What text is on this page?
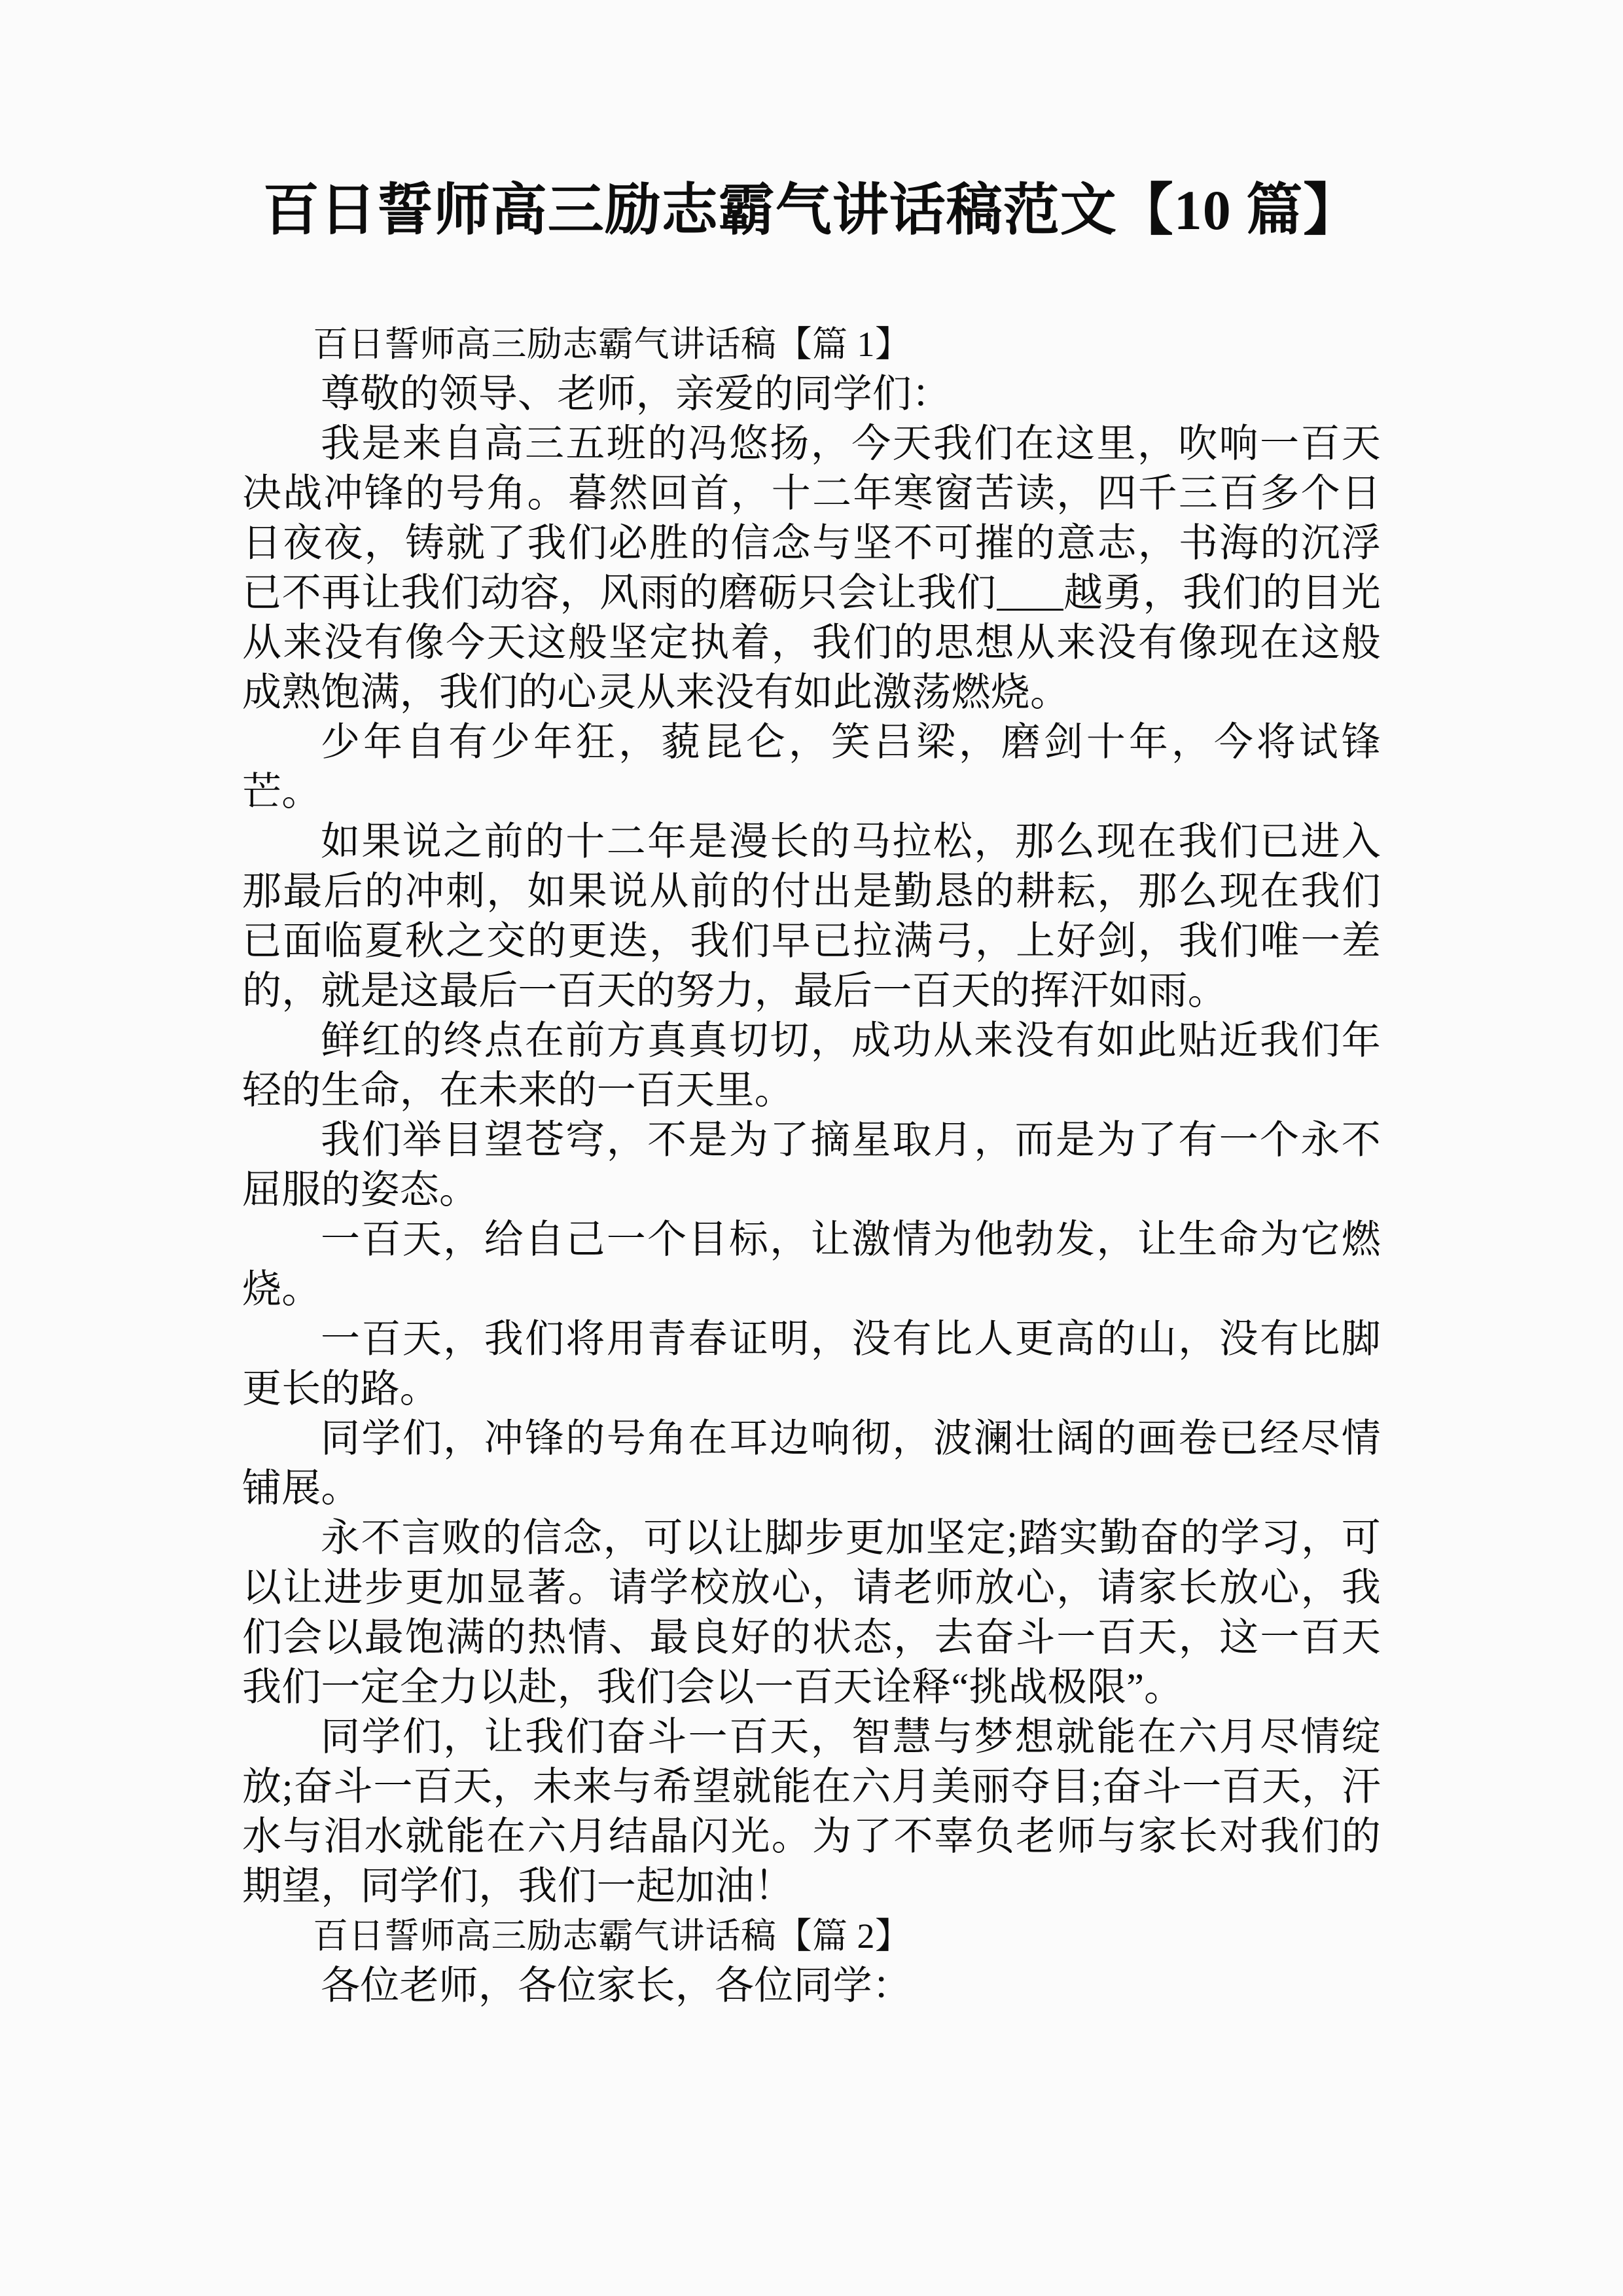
百日誓师高三励志霸气讲话稿范文【10 篇】

百日誓师高三励志霸气讲话稿【篇 1】

尊敬的领导、老师，亲爱的同学们：

我是来自高三五班的冯悠扬，今天我们在这里，吹响一百天决战冲锋的号角。暮然回首，十二年寒窗苦读，四千三百多个日日夜夜，铸就了我们必胜的信念与坚不可摧的意志，书海的沉浮已不再让我们动容，风雨的磨砺只会让我们 越勇，我们的目光从来没有像今天这般坚定执着，我们的思想从来没有像现在这般成熟饱满，我们的心灵从来没有如此激荡燃烧。

少年自有少年狂，藐昆仑，笑吕梁，磨剑十年，今将试锋芒。

如果说之前的十二年是漫长的马拉松，那么现在我们已进入那最后的冲刺，如果说从前的付出是勤恳的耕耘，那么现在我们已面临夏秋之交的更迭，我们早已拉满弓，上好剑，我们唯一差的，就是这最后一百天的努力，最后一百天的挥汗如雨。

鲜红的终点在前方真真切切，成功从来没有如此贴近我们年轻的生命，在未来的一百天里。

我们举目望苍穹，不是为了摘星取月，而是为了有一个永不屈服的姿态。

一百天，给自己一个目标，让激情为他勃发，让生命为它燃烧。

一百天，我们将用青春证明，没有比人更高的山，没有比脚更长的路。

同学们，冲锋的号角在耳边响彻，波澜壮阔的画卷已经尽情铺展。

永不言败的信念，可以让脚步更加坚定;踏实勤奋的学习，可以让进步更加显著。请学校放心，请老师放心，请家长放心，我们会以最饱满的热情、最良好的状态，去奋斗一百天，这一百天我们一定全力以赴，我们会以一百天诠释“挑战极限”。

同学们，让我们奋斗一百天，智慧与梦想就能在六月尽情绽放;奋斗一百天，未来与希望就能在六月美丽夺目;奋斗一百天，汗水与泪水就能在六月结晶闪光。为了不辜负老师与家长对我们的期望，同学们，我们一起加油！

百日誓师高三励志霸气讲话稿【篇 2】

各位老师，各位家长，各位同学：
